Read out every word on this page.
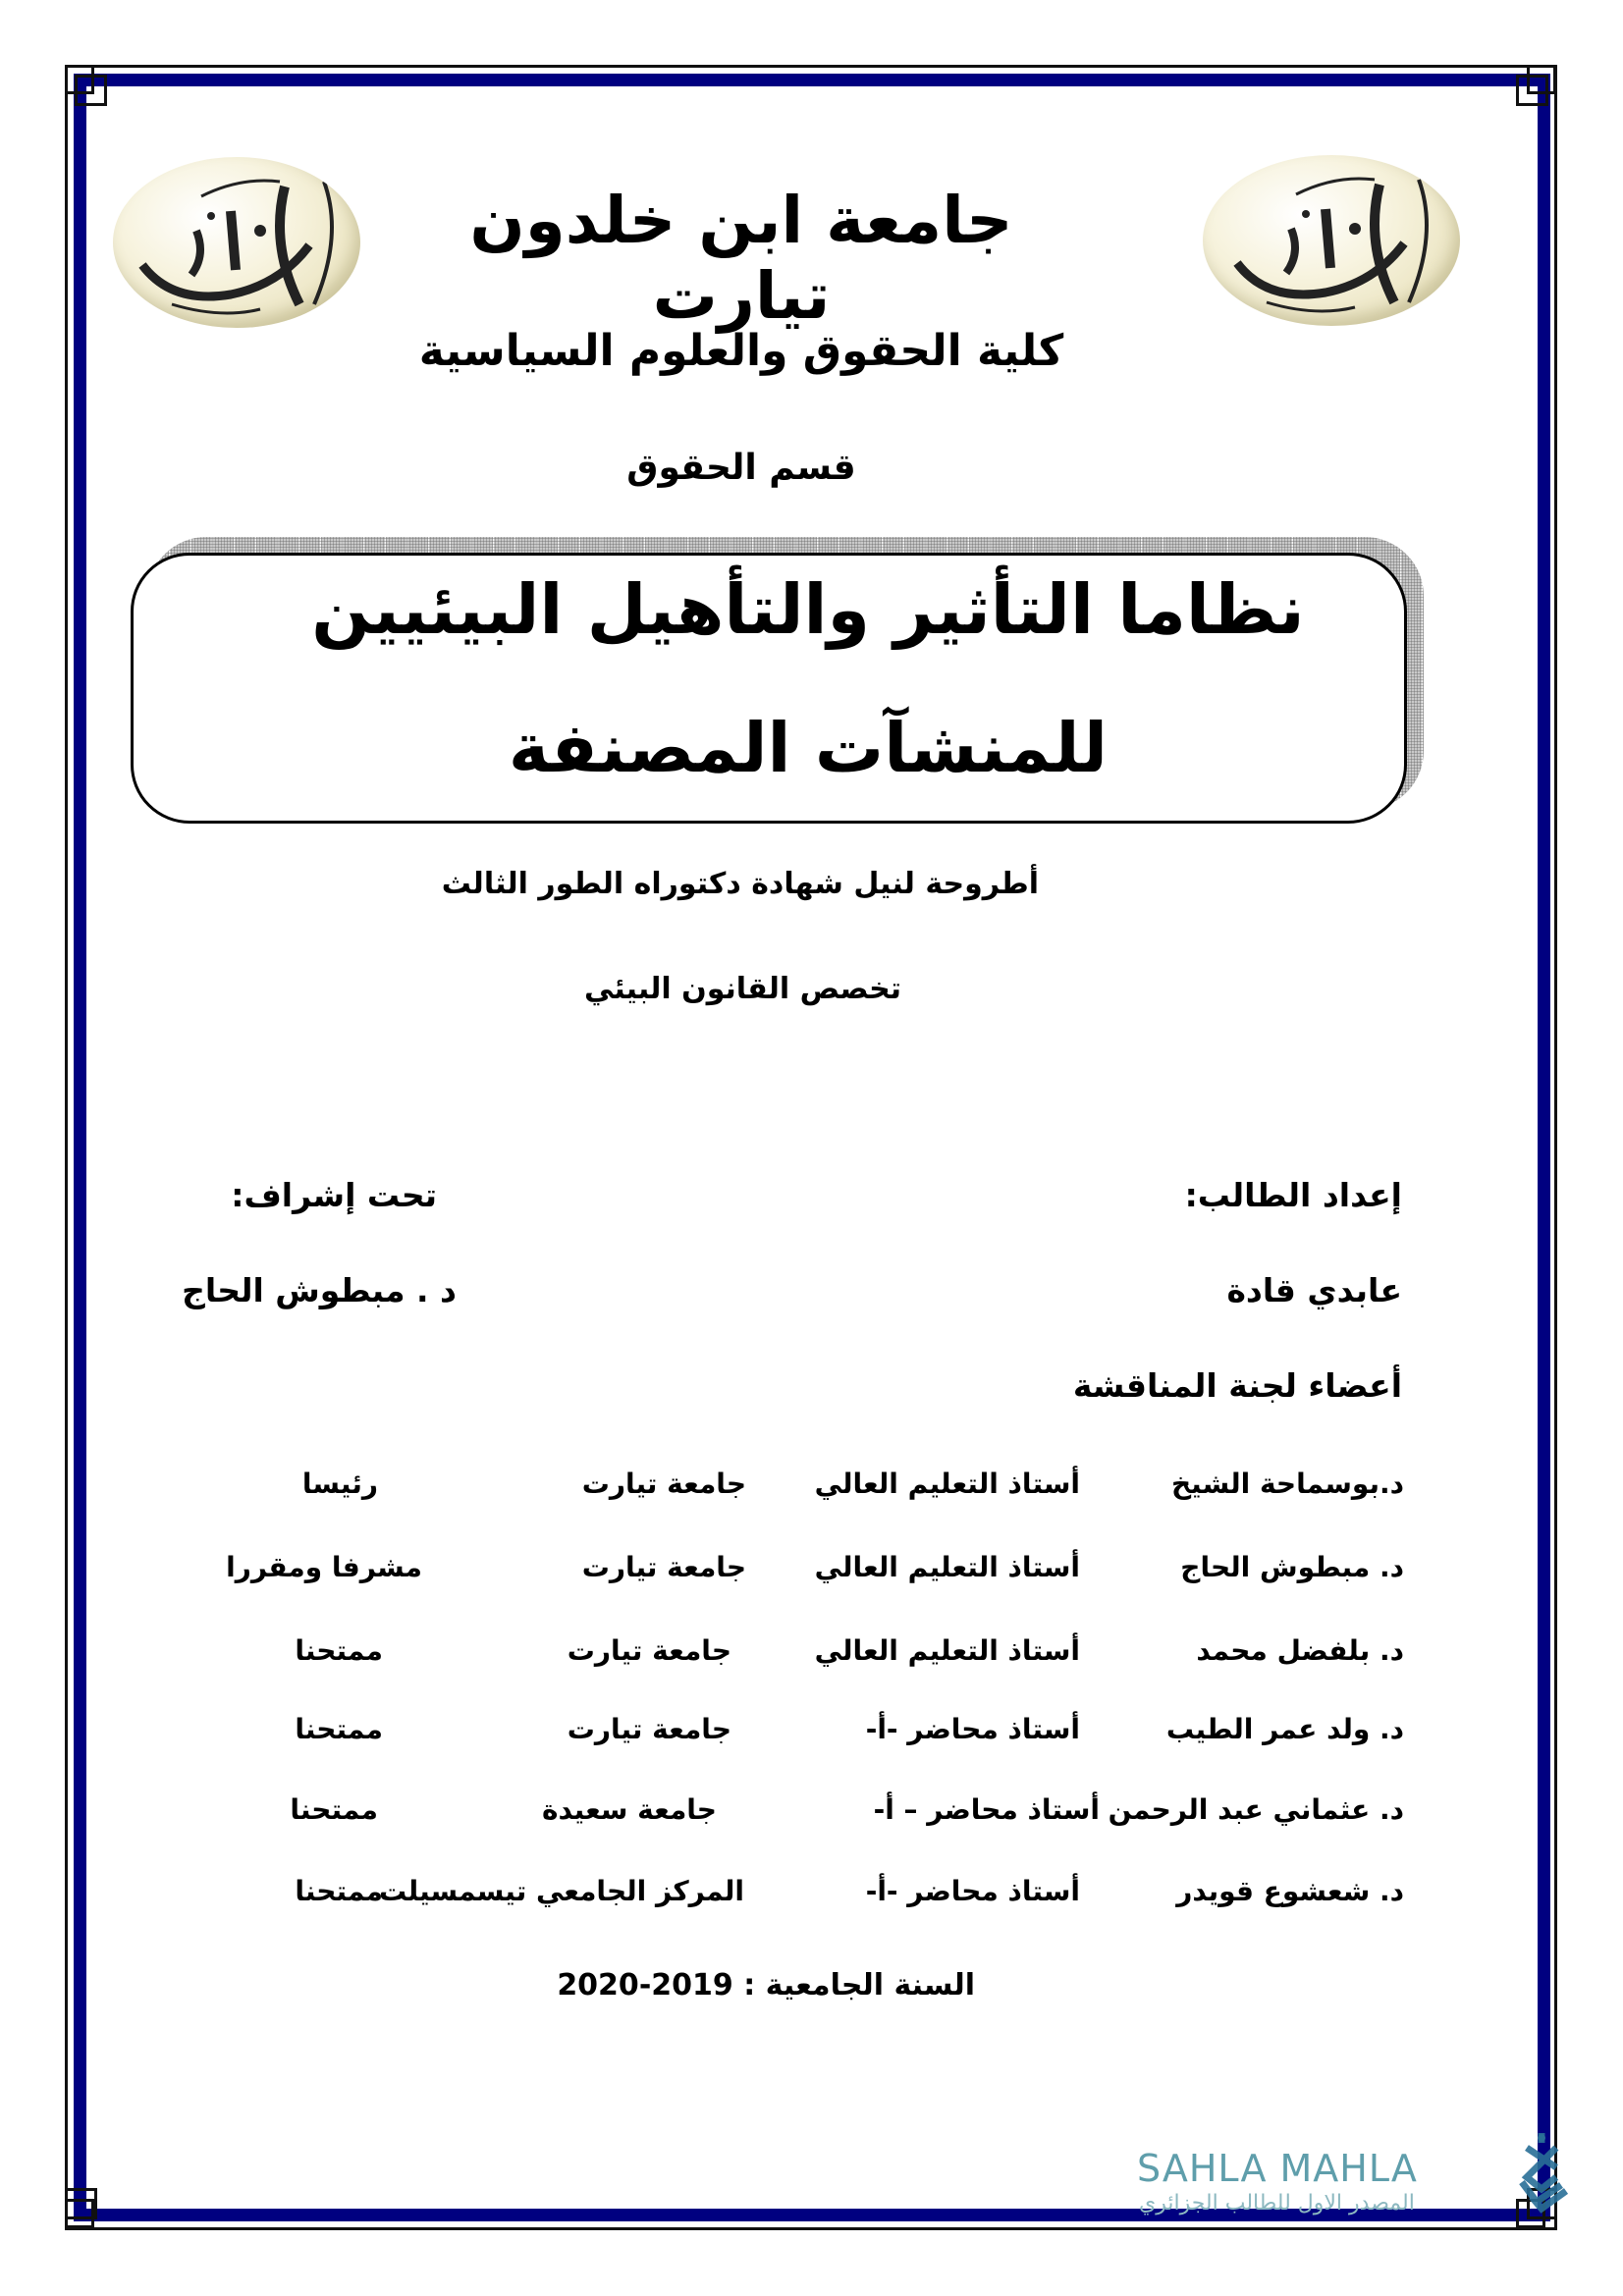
جامعة ابن خلدون تيارت
كلية الحقوق والعلوم السياسية
قسم الحقوق
نظاما التأثير والتأهيل البيئيين
للمنشآت المصنفة
أطروحة لنيل شهادة دكتوراه الطور الثالث
تخصص القانون البيئي
إعداد الطالب:
تحت إشراف:
عابدي قادة
د . مبطوش الحاج
أعضاء لجنة المناقشة
د.بوسماحة الشيخ
أستاذ التعليم العالي
جامعة تيارت
رئيسا
د. مبطوش الحاج
أستاذ التعليم العالي
جامعة تيارت
مشرفا ومقررا
د. بلفضل محمد
أستاذ التعليم العالي
جامعة تيارت
ممتحنا
د. ولد عمر الطيب
أستاذ محاضر -أ-
جامعة تيارت
ممتحنا
د. عثماني عبد الرحمن
أستاذ محاضر – أ-
جامعة سعيدة
ممتحنا
د. شعشوع قويدر
أستاذ محاضر -أ-
المركز الجامعي تيسمسيلت
ممتحنا
السنة الجامعية : 2019-2020
SAHLA MAHLA
المصدر الاول للطالب الجزائري
